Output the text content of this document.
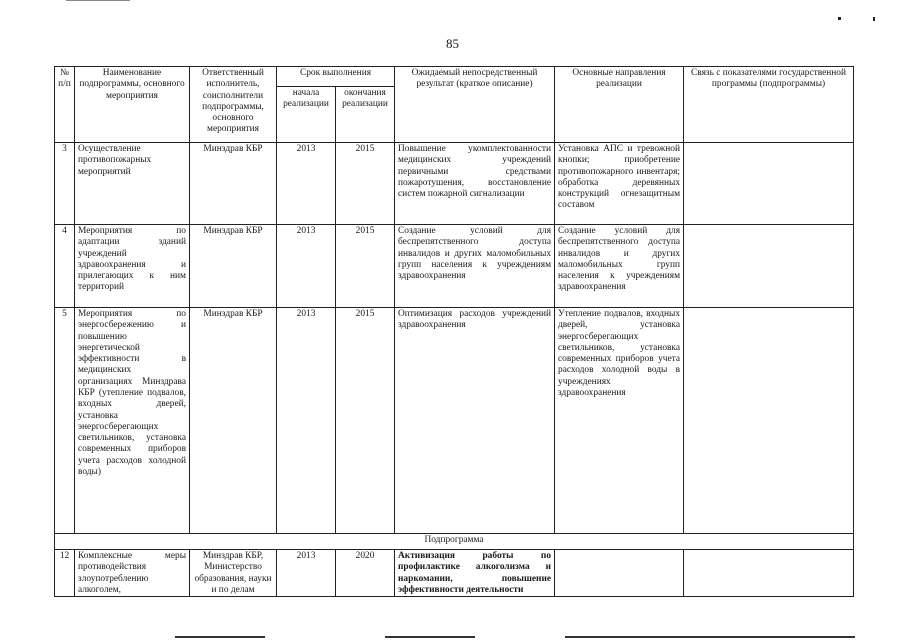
85
№ п/п	Наименование подпрограммы, основного мероприятия	Ответственный исполнитель, соисполнители подпрограммы, основного мероприятия	Срок выполнения		Ожидаемый непосредственный результат (краткое описание)	Основные направления реализации	Связь с показателями государственной программы (подпрограммы)
			начала реализации	окончания реализации			
3	Осуществление противопожарных мероприятий	Минздрав КБР	2013	2015	Повышение укомплектованности медицинских учреждений первичными средствами пожаротушения, восстановление систем пожарной сигнализации	Установка АПС и тревожной кнопки; приобретение противопожарного инвентаря; обработка деревянных конструкций огнезащитным составом	

4	Мероприятия по адаптации зданий учреждений здравоохранения и прилегающих к ним территорий	Минздрав КБР	2013	2015	Создание условий для беспрепятственного доступа инвалидов и других маломобильных групп населения к учреждениям здравоохранения	Создание условий для беспрепятственного доступа инвалидов и других маломобильных групп населения к учреждениям здравоохранения	

5	Мероприятия по энергосбережению и повышению энергетической эффективности в медицинских организациях Минздрава КБР (утепление подвалов, входных дверей, установка энергосберегающих светильников, установка современных приборов учета расходов холодной воды)	Минздрав КБР	2013	2015	Оптимизация расходов учреждений здравоохранения	Утепление подвалов, входных дверей, установка энергосберегающих светильников, установка современных приборов учета расходов холодной воды в учреждениях здравоохранения	

Подпрограмма							
12	Комплексные меры противодействия злоупотреблению алкоголем,	Минздрав КБР, Министерство образования, науки и по делам	2013	2020	Активизация работы по профилактике алкоголизма и наркомании, повышение эффективности деятельности		
